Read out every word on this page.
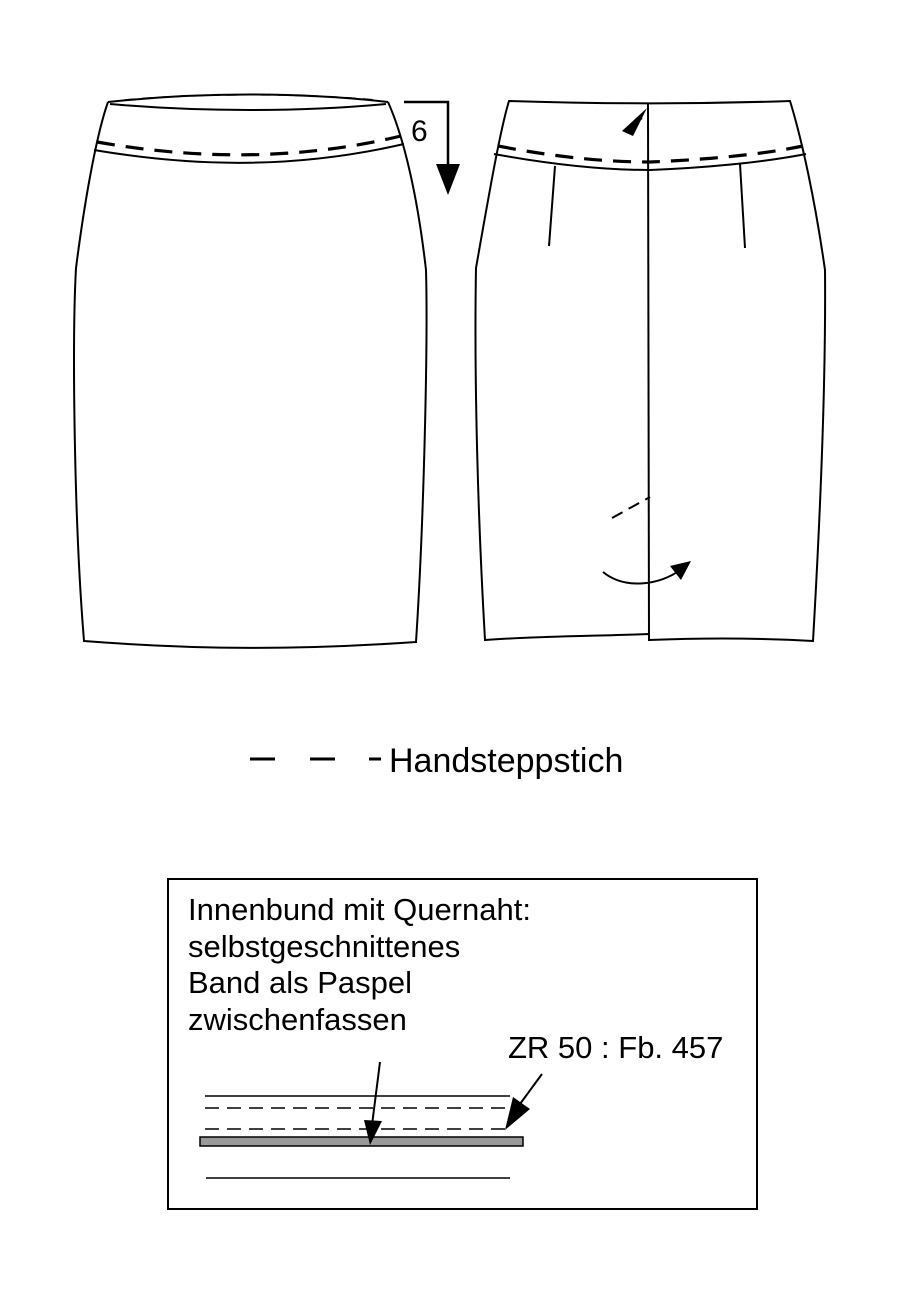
6
Handsteppstich
Innenbund mit Quernaht:
selbstgeschnittenes
Band als Paspel
zwischenfassen
ZR 50 : Fb. 457
